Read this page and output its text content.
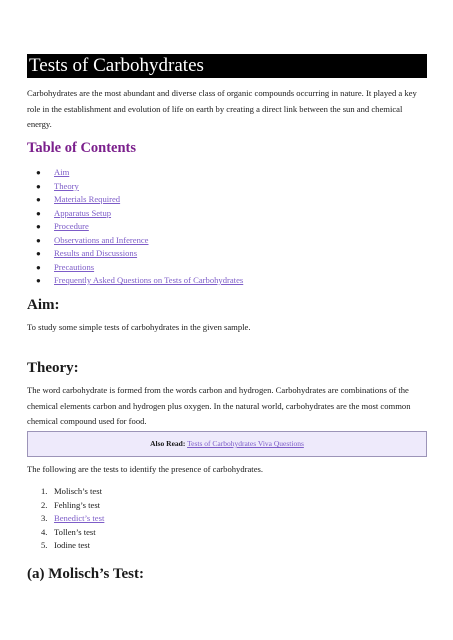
Tests of Carbohydrates
Carbohydrates are the most abundant and diverse class of organic compounds occurring in nature. It played a key role in the establishment and evolution of life on earth by creating a direct link between the sun and chemical energy.
Table of Contents
● Aim
● Theory
● Materials Required
● Apparatus Setup
● Procedure
● Observations and Inference
● Results and Discussions
● Precautions
● Frequently Asked Questions on Tests of Carbohydrates
Aim:
To study some simple tests of carbohydrates in the given sample.
Theory:
The word carbohydrate is formed from the words carbon and hydrogen. Carbohydrates are combinations of the chemical elements carbon and hydrogen plus oxygen. In the natural world, carbohydrates are the most common chemical compound used for food.
Also Read: Tests of Carbohydrates Viva Questions
The following are the tests to identify the presence of carbohydrates.
1. Molisch’s test
2. Fehling’s test
3. Benedict’s test
4. Tollen’s test
5. Iodine test
(a) Molisch’s Test:
